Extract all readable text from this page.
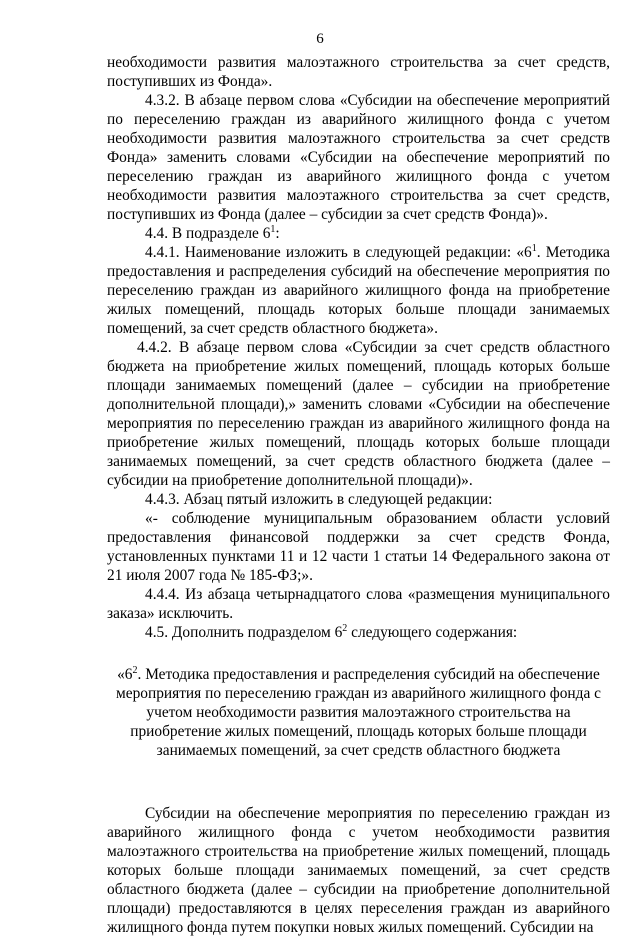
6

необходимости развития малоэтажного строительства за счет средств, поступивших из Фонда».

4.3.2. В абзаце первом слова «Субсидии на обеспечение мероприятий по переселению граждан из аварийного жилищного фонда с учетом необходимости развития малоэтажного строительства за счет средств Фонда» заменить словами «Субсидии на обеспечение мероприятий по переселению граждан из аварийного жилищного фонда с учетом необходимости развития малоэтажного строительства за счет средств, поступивших из Фонда (далее – субсидии за счет средств Фонда)».

4.4. В подразделе $6^1$:

4.4.1. Наименование изложить в следующей редакции: «$6^1$. Методика предоставления и распределения субсидий на обеспечение мероприятия по переселению граждан из аварийного жилищного фонда на приобретение жилых помещений, площадь которых больше площади занимаемых помещений, за счет средств областного бюджета».

4.4.2. В абзаце первом слова «Субсидии за счет средств областного бюджета на приобретение жилых помещений, площадь которых больше площади занимаемых помещений (далее – субсидии на приобретение дополнительной площади),» заменить словами «Субсидии на обеспечение мероприятия по переселению граждан из аварийного жилищного фонда на приобретение жилых помещений, площадь которых больше площади занимаемых помещений, за счет средств областного бюджета (далее – субсидии на приобретение дополнительной площади)».

4.4.3. Абзац пятый изложить в следующей редакции:

«- соблюдение муниципальным образованием области условий предоставления финансовой поддержки за счет средств Фонда, установленных пунктами 11 и 12 части 1 статьи 14 Федерального закона от 21 июля 2007 года № 185-ФЗ;».

4.4.4. Из абзаца четырнадцатого слова «размещения муниципального заказа» исключить.

4.5. Дополнить подразделом $6^2$ следующего содержания:

«$6^2$. Методика предоставления и распределения субсидий на обеспечение мероприятия по переселению граждан из аварийного жилищного фонда с учетом необходимости развития малоэтажного строительства на приобретение жилых помещений, площадь которых больше площади занимаемых помещений, за счет средств областного бюджета

Субсидии на обеспечение мероприятия по переселению граждан из аварийного жилищного фонда с учетом необходимости развития малоэтажного строительства на приобретение жилых помещений, площадь которых больше площади занимаемых помещений, за счет средств областного бюджета (далее – субсидии на приобретение дополнительной площади) предоставляются в целях переселения граждан из аварийного жилищного фонда путем покупки новых жилых помещений. Субсидии на
